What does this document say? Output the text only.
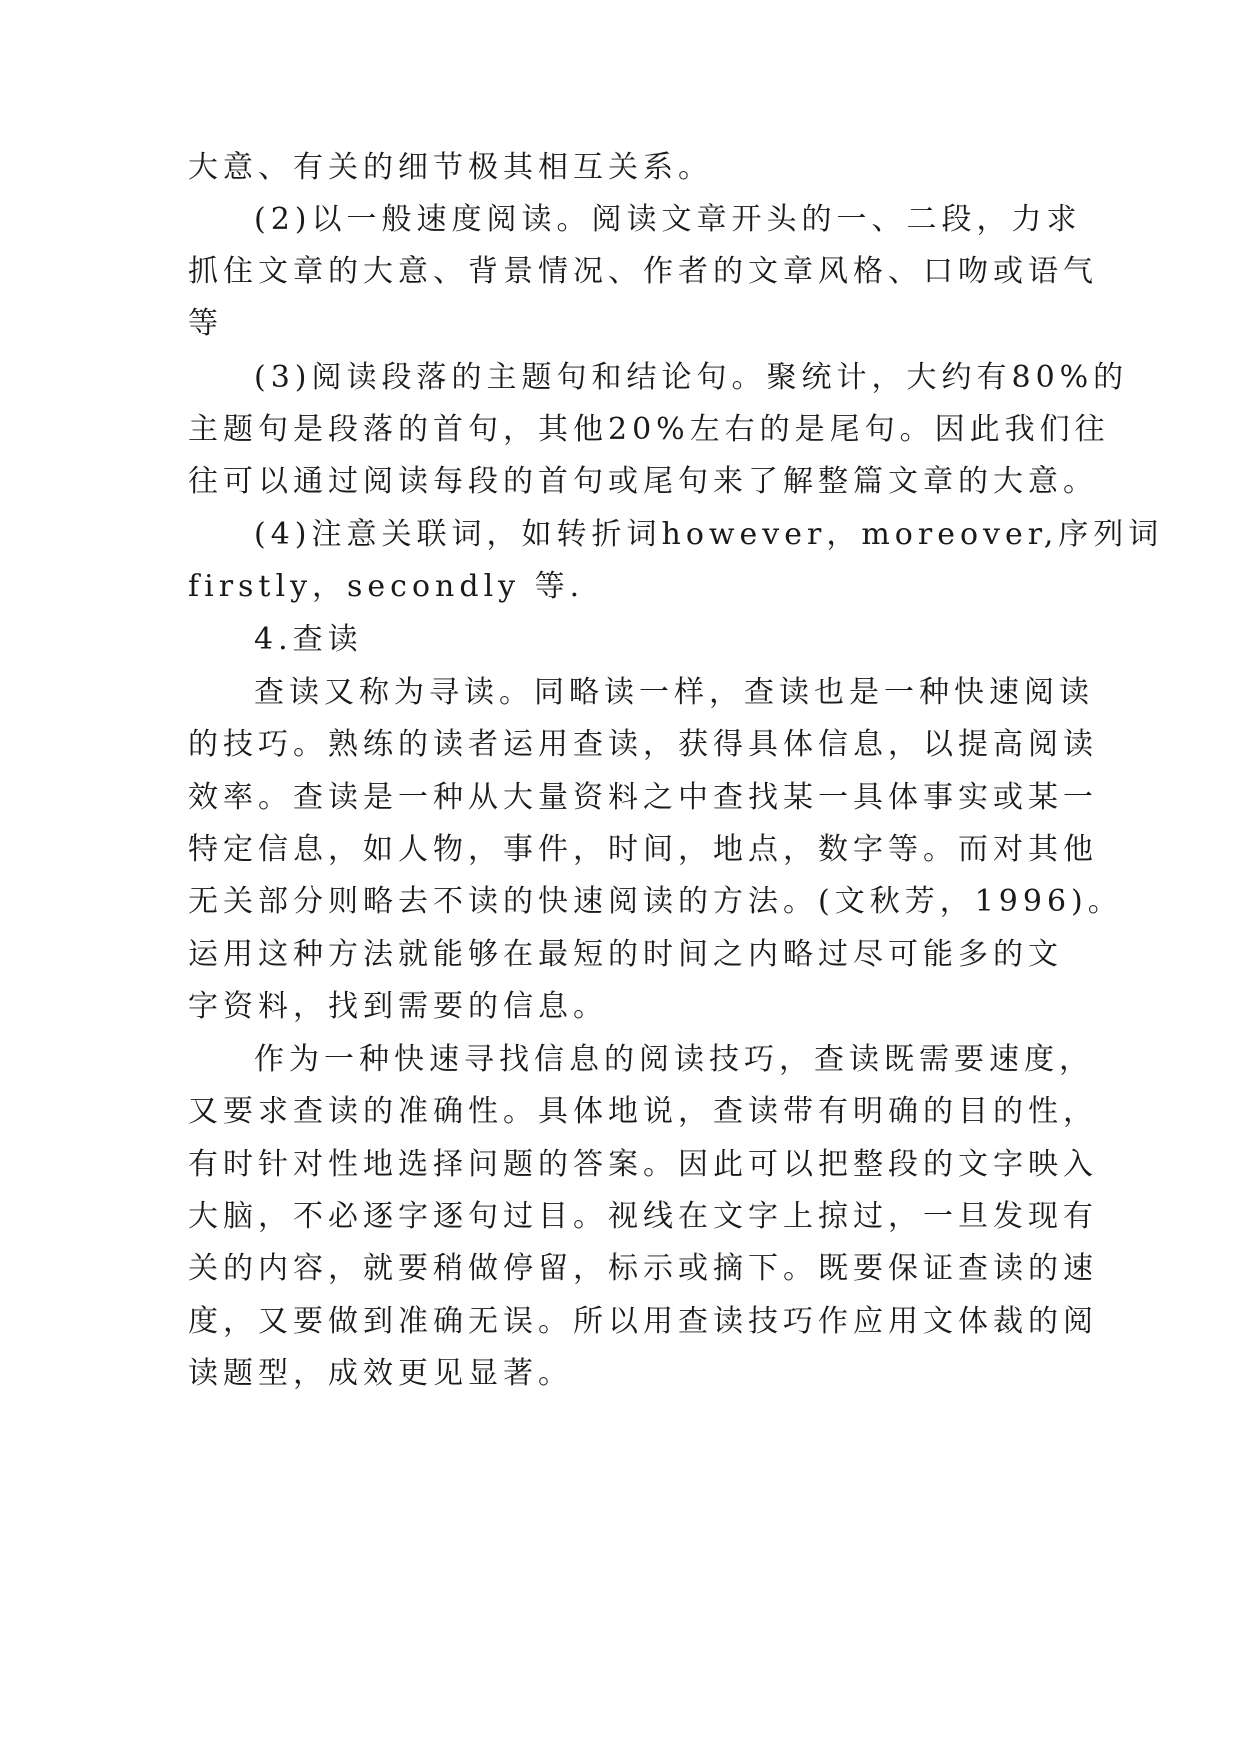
大意、有关的细节极其相互关系。
(2)以一般速度阅读。阅读文章开头的一、二段，力求
抓住文章的大意、背景情况、作者的文章风格、口吻或语气
等
(3)阅读段落的主题句和结论句。聚统计，大约有80%的
主题句是段落的首句，其他20%左右的是尾句。因此我们往
往可以通过阅读每段的首句或尾句来了解整篇文章的大意。
(4)注意关联词，如转折词however，moreover,序列词
firstly，secondly 等.
4.查读
查读又称为寻读。同略读一样，查读也是一种快速阅读
的技巧。熟练的读者运用查读，获得具体信息，以提高阅读
效率。查读是一种从大量资料之中查找某一具体事实或某一
特定信息，如人物，事件，时间，地点，数字等。而对其他
无关部分则略去不读的快速阅读的方法。(文秋芳，1996)。
运用这种方法就能够在最短的时间之内略过尽可能多的文
字资料，找到需要的信息。
作为一种快速寻找信息的阅读技巧，查读既需要速度，
又要求查读的准确性。具体地说，查读带有明确的目的性，
有时针对性地选择问题的答案。因此可以把整段的文字映入
大脑，不必逐字逐句过目。视线在文字上掠过，一旦发现有
关的内容，就要稍做停留，标示或摘下。既要保证查读的速
度，又要做到准确无误。所以用查读技巧作应用文体裁的阅
读题型，成效更见显著。
